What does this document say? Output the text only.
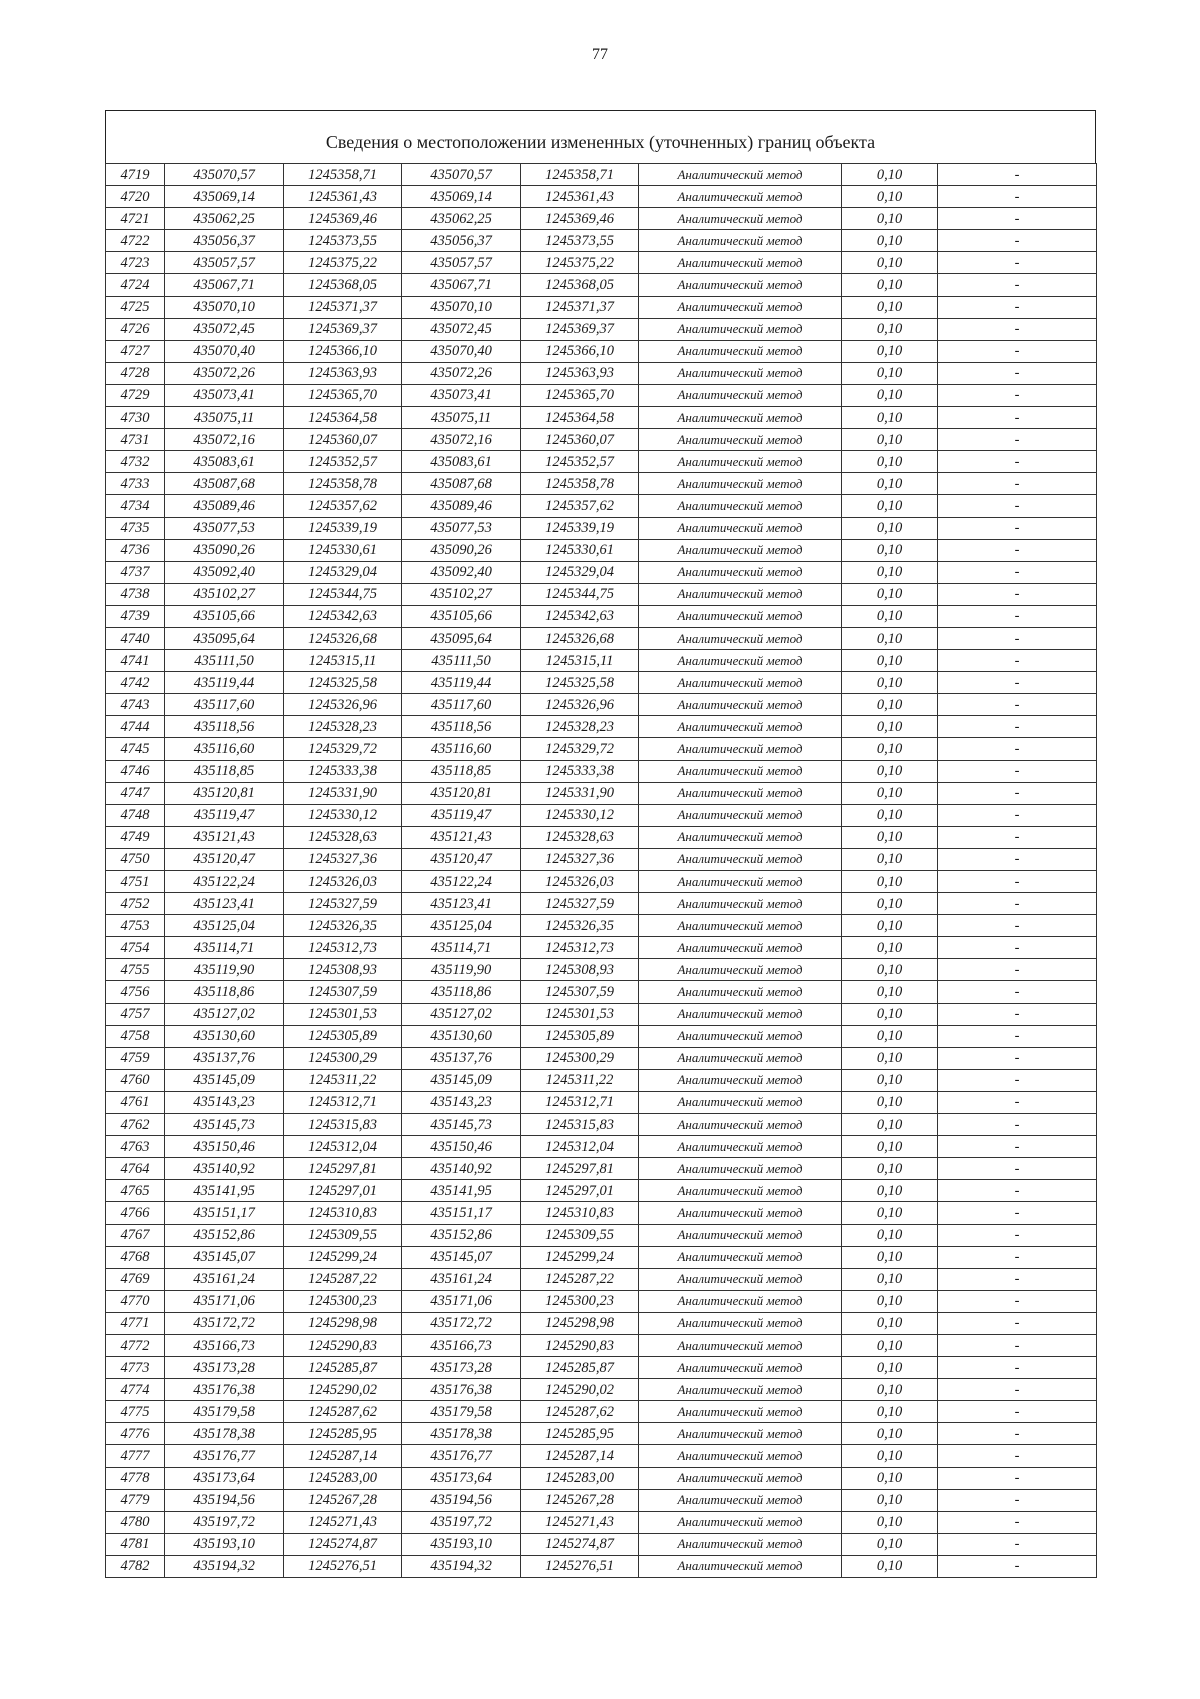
77
Сведения о местоположении измененных (уточненных) границ объекта
4719	435070,57	1245358,71	435070,57	1245358,71	Аналитический метод	0,10	-
4720	435069,14	1245361,43	435069,14	1245361,43	Аналитический метод	0,10	-
4721	435062,25	1245369,46	435062,25	1245369,46	Аналитический метод	0,10	-
4722	435056,37	1245373,55	435056,37	1245373,55	Аналитический метод	0,10	-
4723	435057,57	1245375,22	435057,57	1245375,22	Аналитический метод	0,10	-
4724	435067,71	1245368,05	435067,71	1245368,05	Аналитический метод	0,10	-
4725	435070,10	1245371,37	435070,10	1245371,37	Аналитический метод	0,10	-
4726	435072,45	1245369,37	435072,45	1245369,37	Аналитический метод	0,10	-
4727	435070,40	1245366,10	435070,40	1245366,10	Аналитический метод	0,10	-
4728	435072,26	1245363,93	435072,26	1245363,93	Аналитический метод	0,10	-
4729	435073,41	1245365,70	435073,41	1245365,70	Аналитический метод	0,10	-
4730	435075,11	1245364,58	435075,11	1245364,58	Аналитический метод	0,10	-
4731	435072,16	1245360,07	435072,16	1245360,07	Аналитический метод	0,10	-
4732	435083,61	1245352,57	435083,61	1245352,57	Аналитический метод	0,10	-
4733	435087,68	1245358,78	435087,68	1245358,78	Аналитический метод	0,10	-
4734	435089,46	1245357,62	435089,46	1245357,62	Аналитический метод	0,10	-
4735	435077,53	1245339,19	435077,53	1245339,19	Аналитический метод	0,10	-
4736	435090,26	1245330,61	435090,26	1245330,61	Аналитический метод	0,10	-
4737	435092,40	1245329,04	435092,40	1245329,04	Аналитический метод	0,10	-
4738	435102,27	1245344,75	435102,27	1245344,75	Аналитический метод	0,10	-
4739	435105,66	1245342,63	435105,66	1245342,63	Аналитический метод	0,10	-
4740	435095,64	1245326,68	435095,64	1245326,68	Аналитический метод	0,10	-
4741	435111,50	1245315,11	435111,50	1245315,11	Аналитический метод	0,10	-
4742	435119,44	1245325,58	435119,44	1245325,58	Аналитический метод	0,10	-
4743	435117,60	1245326,96	435117,60	1245326,96	Аналитический метод	0,10	-
4744	435118,56	1245328,23	435118,56	1245328,23	Аналитический метод	0,10	-
4745	435116,60	1245329,72	435116,60	1245329,72	Аналитический метод	0,10	-
4746	435118,85	1245333,38	435118,85	1245333,38	Аналитический метод	0,10	-
4747	435120,81	1245331,90	435120,81	1245331,90	Аналитический метод	0,10	-
4748	435119,47	1245330,12	435119,47	1245330,12	Аналитический метод	0,10	-
4749	435121,43	1245328,63	435121,43	1245328,63	Аналитический метод	0,10	-
4750	435120,47	1245327,36	435120,47	1245327,36	Аналитический метод	0,10	-
4751	435122,24	1245326,03	435122,24	1245326,03	Аналитический метод	0,10	-
4752	435123,41	1245327,59	435123,41	1245327,59	Аналитический метод	0,10	-
4753	435125,04	1245326,35	435125,04	1245326,35	Аналитический метод	0,10	-
4754	435114,71	1245312,73	435114,71	1245312,73	Аналитический метод	0,10	-
4755	435119,90	1245308,93	435119,90	1245308,93	Аналитический метод	0,10	-
4756	435118,86	1245307,59	435118,86	1245307,59	Аналитический метод	0,10	-
4757	435127,02	1245301,53	435127,02	1245301,53	Аналитический метод	0,10	-
4758	435130,60	1245305,89	435130,60	1245305,89	Аналитический метод	0,10	-
4759	435137,76	1245300,29	435137,76	1245300,29	Аналитический метод	0,10	-
4760	435145,09	1245311,22	435145,09	1245311,22	Аналитический метод	0,10	-
4761	435143,23	1245312,71	435143,23	1245312,71	Аналитический метод	0,10	-
4762	435145,73	1245315,83	435145,73	1245315,83	Аналитический метод	0,10	-
4763	435150,46	1245312,04	435150,46	1245312,04	Аналитический метод	0,10	-
4764	435140,92	1245297,81	435140,92	1245297,81	Аналитический метод	0,10	-
4765	435141,95	1245297,01	435141,95	1245297,01	Аналитический метод	0,10	-
4766	435151,17	1245310,83	435151,17	1245310,83	Аналитический метод	0,10	-
4767	435152,86	1245309,55	435152,86	1245309,55	Аналитический метод	0,10	-
4768	435145,07	1245299,24	435145,07	1245299,24	Аналитический метод	0,10	-
4769	435161,24	1245287,22	435161,24	1245287,22	Аналитический метод	0,10	-
4770	435171,06	1245300,23	435171,06	1245300,23	Аналитический метод	0,10	-
4771	435172,72	1245298,98	435172,72	1245298,98	Аналитический метод	0,10	-
4772	435166,73	1245290,83	435166,73	1245290,83	Аналитический метод	0,10	-
4773	435173,28	1245285,87	435173,28	1245285,87	Аналитический метод	0,10	-
4774	435176,38	1245290,02	435176,38	1245290,02	Аналитический метод	0,10	-
4775	435179,58	1245287,62	435179,58	1245287,62	Аналитический метод	0,10	-
4776	435178,38	1245285,95	435178,38	1245285,95	Аналитический метод	0,10	-
4777	435176,77	1245287,14	435176,77	1245287,14	Аналитический метод	0,10	-
4778	435173,64	1245283,00	435173,64	1245283,00	Аналитический метод	0,10	-
4779	435194,56	1245267,28	435194,56	1245267,28	Аналитический метод	0,10	-
4780	435197,72	1245271,43	435197,72	1245271,43	Аналитический метод	0,10	-
4781	435193,10	1245274,87	435193,10	1245274,87	Аналитический метод	0,10	-
4782	435194,32	1245276,51	435194,32	1245276,51	Аналитический метод	0,10	-
